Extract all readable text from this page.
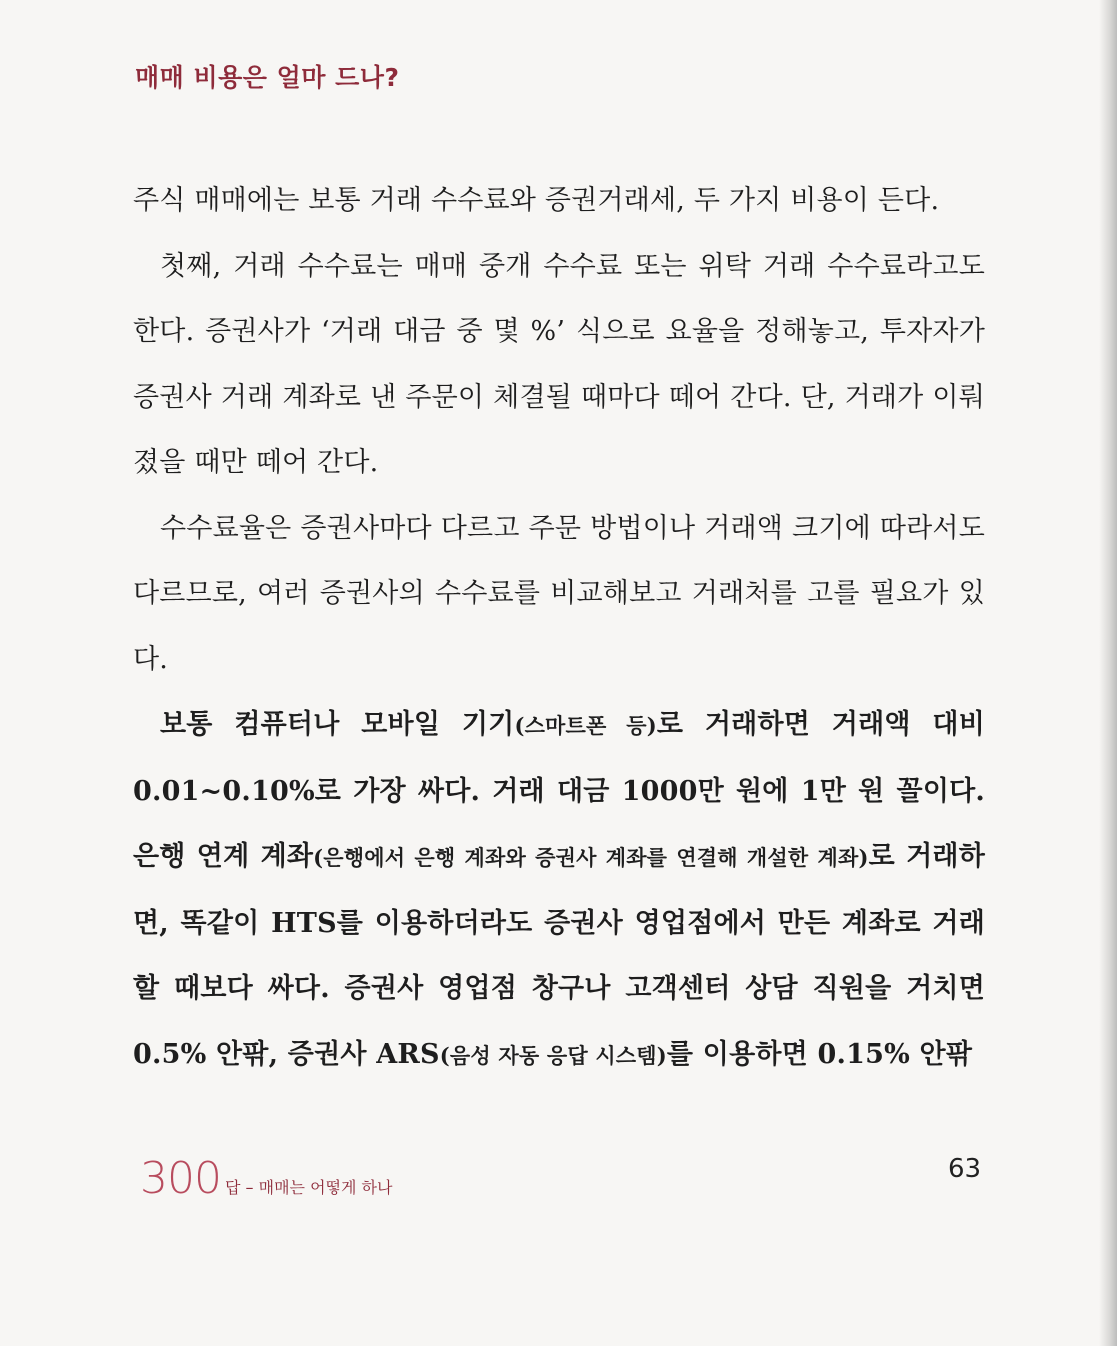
매매 비용은 얼마 드나?

주식 매매에는 보통 거래 수수료와 증권거래세, 두 가지 비용이 든다.

첫째, 거래 수수료는 매매 중개 수수료 또는 위탁 거래 수수료라고도 한다. 증권사가 ‘거래 대금 중 몇 %’ 식으로 요율을 정해놓고, 투자자가 증권사 거래 계좌로 낸 주문이 체결될 때마다 떼어 간다. 단, 거래가 이뤄졌을 때만 떼어 간다.

수수료율은 증권사마다 다르고 주문 방법이나 거래액 크기에 따라서도 다르므로, 여러 증권사의 수수료를 비교해보고 거래처를 고를 필요가 있다.

보통 컴퓨터나 모바일 기기(스마트폰 등)로 거래하면 거래액 대비 0.01~0.10%로 가장 싸다. 거래 대금 1000만 원에 1만 원 꼴이다. 은행 연계 계좌(은행에서 은행 계좌와 증권사 계좌를 연결해 개설한 계좌)로 거래하면, 똑같이 HTS를 이용하더라도 증권사 영업점에서 만든 계좌로 거래할 때보다 싸다. 증권사 영업점 창구나 고객센터 상담 직원을 거치면 0.5% 안팎, 증권사 ARS(음성 자동 응답 시스템)를 이용하면 0.15% 안팎

300 답 – 매매는 어떻게 하나
63
